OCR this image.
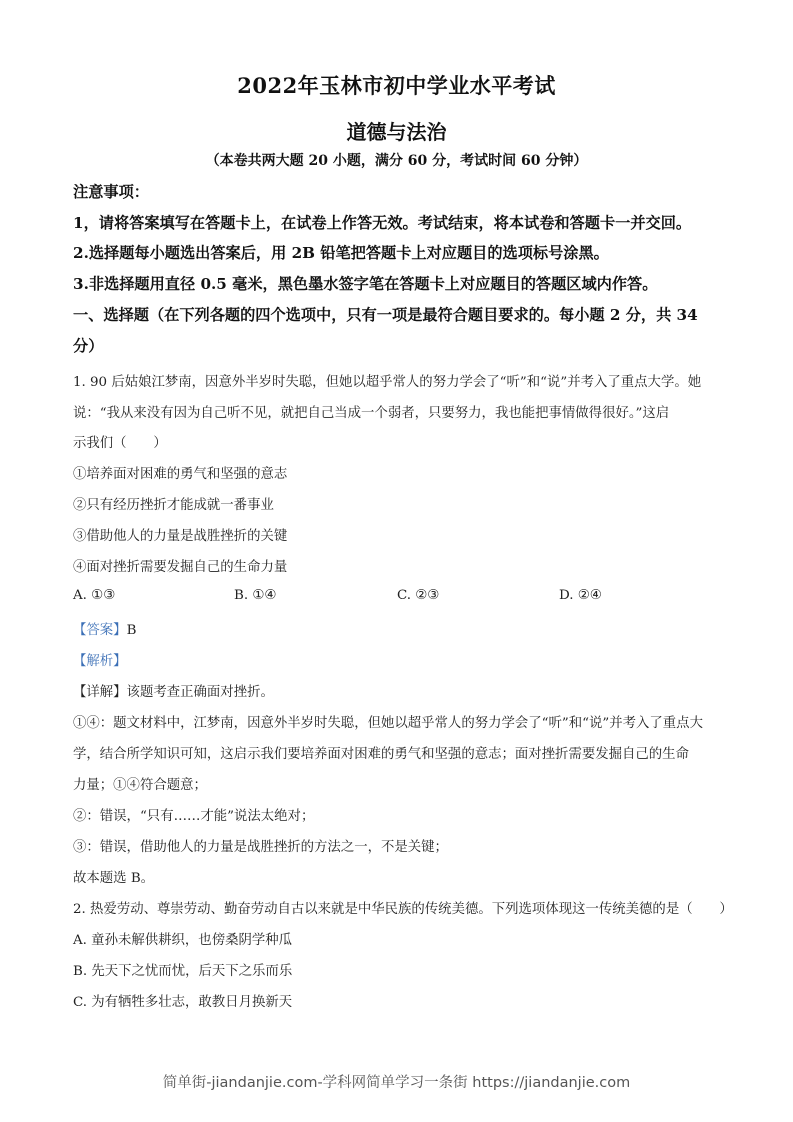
2022年玉林市初中学业水平考试
道德与法治
（本卷共两大题 20 小题，满分 60 分，考试时间 60 分钟）
注意事项：
1，请将答案填写在答题卡上，在试卷上作答无效。考试结束，将本试卷和答题卡一并交回。
2.选择题每小题选出答案后，用 2B 铅笔把答题卡上对应题目的选项标号涂黑。
3.非选择题用直径 0.5 毫米，黑色墨水签字笔在答题卡上对应题目的答题区域内作答。
一、选择题（在下列各题的四个选项中，只有一项是最符合题目要求的。每小题 2 分，共 34
分）
1. 90 后姑娘江梦南，因意外半岁时失聪，但她以超乎常人的努力学会了“听”和“说”并考入了重点大学。她
说：“我从来没有因为自己听不见，就把自己当成一个弱者，只要努力，我也能把事情做得很好。”这启
示我们（　　）
①培养面对困难的勇气和坚强的意志
②只有经历挫折才能成就一番事业
③借助他人的力量是战胜挫折的关键
④面对挫折需要发掘自己的生命力量
A. ①③	B. ①④	C. ②③	D. ②④
【答案】B
【解析】
【详解】该题考查正确面对挫折。
①④：题文材料中，江梦南，因意外半岁时失聪，但她以超乎常人的努力学会了“听”和“说”并考入了重点大
学，结合所学知识可知，这启示我们要培养面对困难的勇气和坚强的意志；面对挫折需要发掘自己的生命
力量；①④符合题意；
②：错误，“只有……才能”说法太绝对；
③：错误，借助他人的力量是战胜挫折的方法之一，不是关键；
故本题选 B。
2. 热爱劳动、尊崇劳动、勤奋劳动自古以来就是中华民族的传统美德。下列选项体现这一传统美德的是（　　）
A. 童孙未解供耕织，也傍桑阴学种瓜
B. 先天下之忧而忧，后天下之乐而乐
C. 为有牺牲多壮志，敢教日月换新天
简单街-jiandanjie.com-学科网简单学习一条街 https://jiandanjie.com
